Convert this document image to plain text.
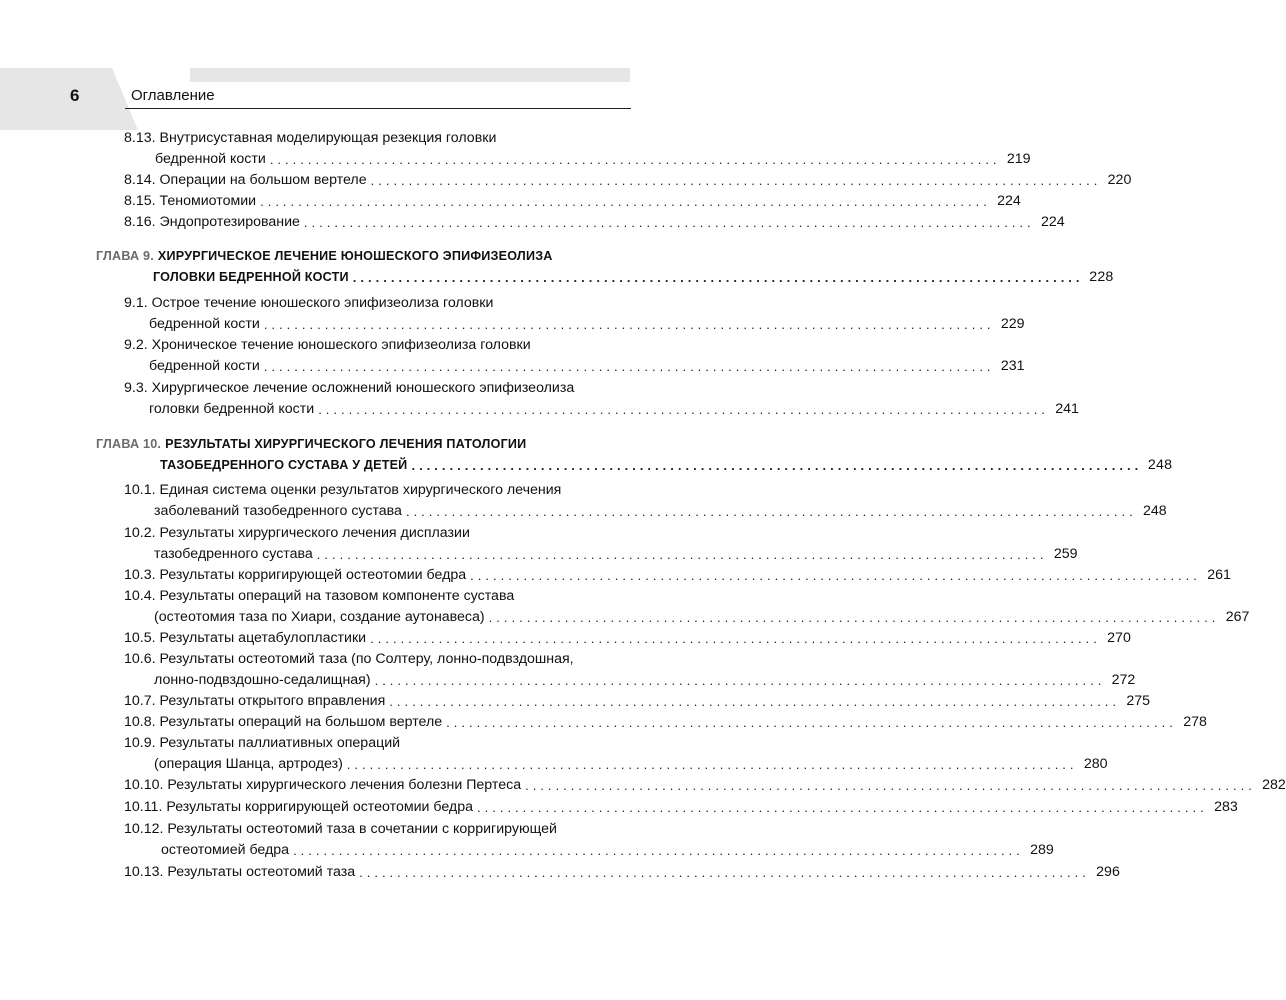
6	Оглавление
8.13. Внутрисуставная моделирующая резекция головки
бедренной кости ................................................................................................ 219
8.14. Операции на большом вертеле ................................................................................................ 220
8.15. Теномиотомии ................................................................................................ 224
8.16. Эндопротезирование ................................................................................................ 224
ГЛАВА 9. ХИРУРГИЧЕСКОЕ ЛЕЧЕНИЕ ЮНОШЕСКОГО ЭПИФИЗЕОЛИЗА
ГОЛОВКИ БЕДРЕННОЙ КОСТИ ................................................................................................ 228
9.1. Острое течение юношеского эпифизеолиза головки
бедренной кости ................................................................................................ 229
9.2. Хроническое течение юношеского эпифизеолиза головки
бедренной кости ................................................................................................ 231
9.3. Хирургическое лечение осложнений юношеского эпифизеолиза
головки бедренной кости ................................................................................................ 241
ГЛАВА 10. РЕЗУЛЬТАТЫ ХИРУРГИЧЕСКОГО ЛЕЧЕНИЯ ПАТОЛОГИИ
ТАЗОБЕДРЕННОГО СУСТАВА У ДЕТЕЙ ................................................................................................ 248
10.1. Единая система оценки результатов хирургического лечения
заболеваний тазобедренного сустава ................................................................................................ 248
10.2. Результаты хирургического лечения дисплазии
тазобедренного сустава ................................................................................................ 259
10.3. Результаты корригирующей остеотомии бедра ................................................................................................ 261
10.4. Результаты операций на тазовом компоненте сустава
(остеотомия таза по Хиари, создание аутонавеса) ................................................................................................ 267
10.5. Результаты ацетабулопластики ................................................................................................ 270
10.6. Результаты остеотомий таза (по Солтеру, лонно-подвздошная,
лонно-подвздошно-седалищная) ................................................................................................ 272
10.7. Результаты открытого вправления ................................................................................................ 275
10.8. Результаты операций на большом вертеле ................................................................................................ 278
10.9. Результаты паллиативных операций
(операция Шанца, артродез) ................................................................................................ 280
10.10. Результаты хирургического лечения болезни Пертеса ................................................................................................ 282
10.11. Результаты корригирующей остеотомии бедра ................................................................................................ 283
10.12. Результаты остеотомий таза в сочетании с корригирующей
остеотомией бедра ................................................................................................ 289
10.13. Результаты остеотомий таза ................................................................................................ 296
